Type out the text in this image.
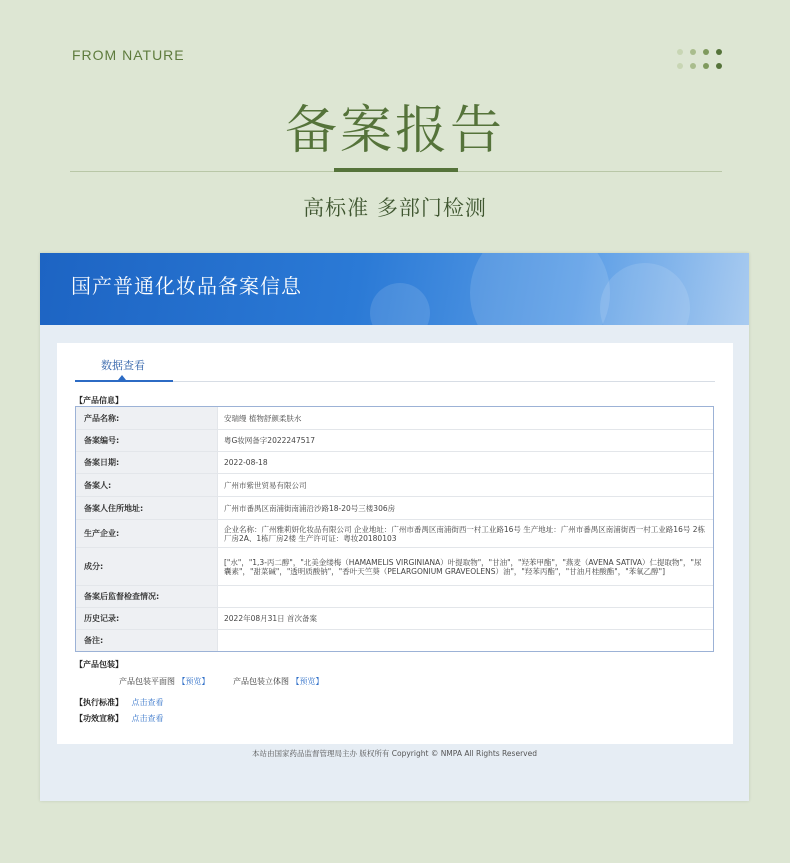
FROM NATURE
备案报告
高标准 多部门检测
国产普通化妆品备案信息
数据查看
【产品信息】
产品名称:	安瑞缦 植物舒颜柔肤水
备案编号:	粤G妆网备字2022247517
备案日期:	2022-08-18
备案人:	广州市紫世贸易有限公司
备案人住所地址:	广州市番禺区南浦街南浦沿沙路18-20号三楼306房
生产企业:	企业名称：广州雅莉妍化妆品有限公司 企业地址：广州市番禺区南浦街西一村工业路16号 生产地址：广州市番禺区南浦街西一村工业路16号 2栋厂房2A、1栋厂房2楼 生产许可证：粤妆20180103
成分:	["水"，"1,3-丙二醇"，"北美金缕梅（HAMAMELIS VIRGINIANA）叶提取物"，"甘油"，"羟苯甲酯"，"燕麦（AVENA SATIVA）仁提取物"，"尿囊素"，"甜菜碱"，"透明质酸钠"，"香叶天竺葵（PELARGONIUM GRAVEOLENS）油"，"羟苯丙酯"，"甘油月桂酸酯"，"苯氧乙醇"]
备案后监督检查情况:
历史记录:	2022年08月31日 首次备案
备注:
【产品包装】
产品包装平面图 【预览】	产品包装立体图 【预览】
【执行标准】 点击查看
【功效宣称】 点击查看
本站由国家药品监督管理局主办 版权所有 Copyright © NMPA All Rights Reserved
